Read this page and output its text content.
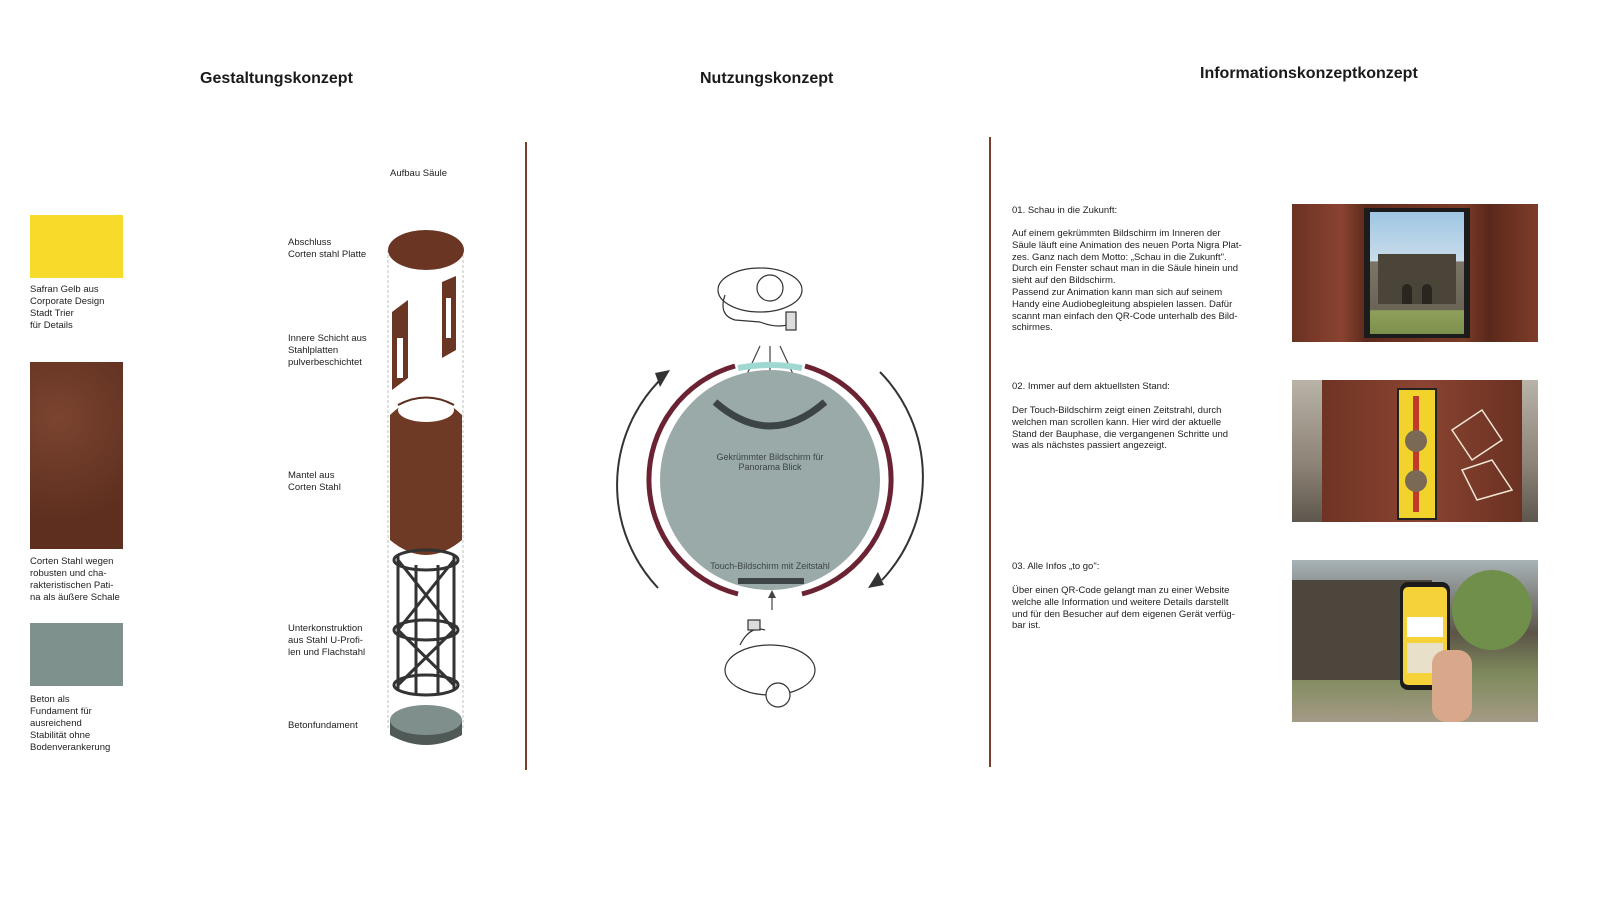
Gestaltungskonzept	Nutzungskonzept	Informationskonzeptkonzept
Safran Gelb aus
Corporate Design
Stadt Trier
für Details
Corten Stahl wegen
robusten und cha-
rakteristischen Pati-
na als äußere Schale
Beton als
Fundament für
ausreichend
Stabilität ohne
Bodenverankerung
Aufbau Säule
Abschluss
Corten stahl Platte
Innere Schicht aus
Stahlplatten
pulverbeschichtet
Mantel aus
Corten Stahl
Unterkonstruktion
aus Stahl U-Profi-
len und Flachstahl
Betonfundament
Gekrümmter Bildschirm für
Panorama Blick
Touch-Bildschirm mit Zeitstahl
01. Schau in die Zukunft:
Auf einem gekrümmten Bildschirm im Inneren der
Säule läuft eine Animation des neuen Porta Nigra Plat-
zes. Ganz nach dem Motto: „Schau in die Zukunft".
Durch ein Fenster schaut man in die Säule hinein und
sieht auf den Bildschirm.
Passend zur Animation kann man sich auf seinem
Handy eine Audiobegleitung abspielen lassen. Dafür
scannt man einfach den QR-Code unterhalb des Bild-
schirmes.
02. Immer auf dem aktuellsten Stand:
Der Touch-Bildschirm zeigt einen Zeitstrahl, durch
welchen man scrollen kann. Hier wird der aktuelle
Stand der Bauphase, die vergangenen Schritte und
was als nächstes passiert angezeigt.
03. Alle Infos „to go":
Über einen QR-Code gelangt man zu einer Website
welche alle Information und weitere Details darstellt
und für den Besucher auf dem eigenen Gerät verfüg-
bar ist.
